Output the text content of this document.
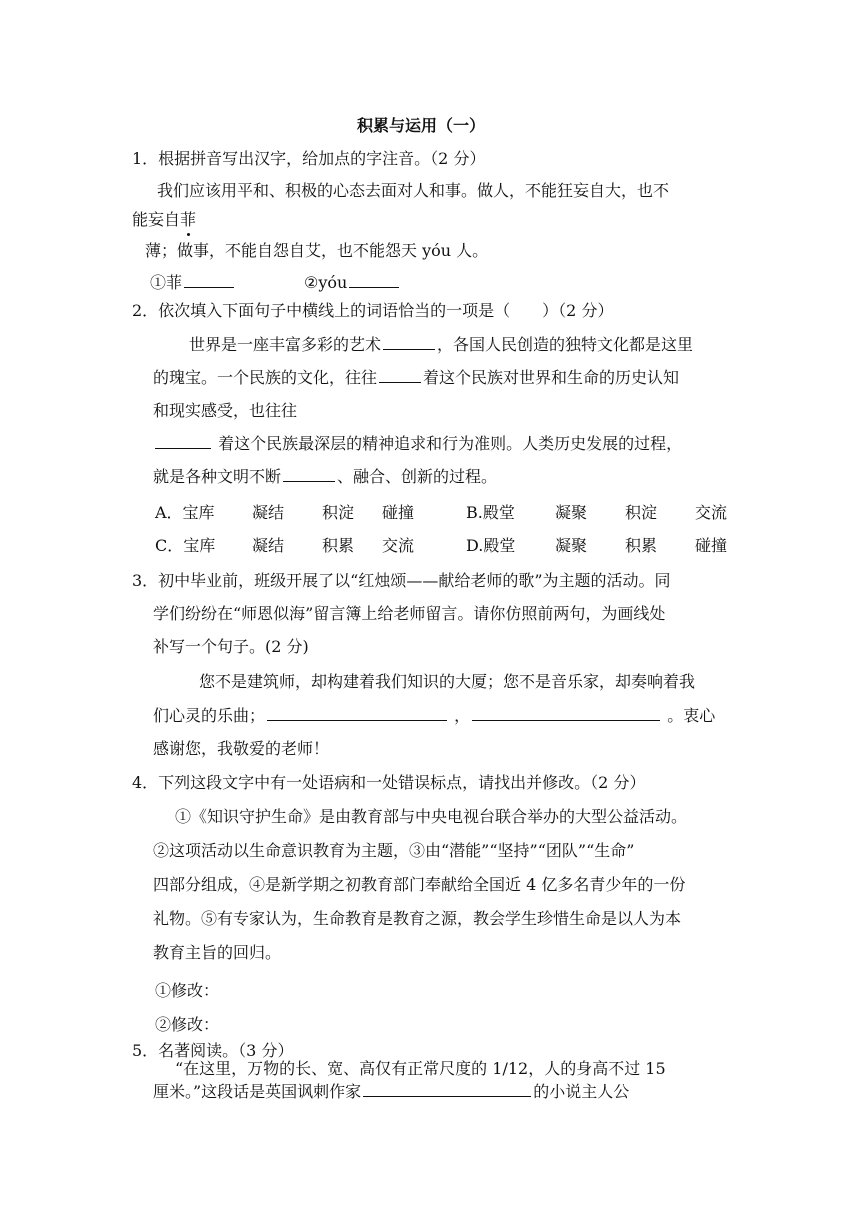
积累与运用（一）
1．根据拼音写出汉字，给加点的字注音。（2 分）
我们应该用平和、积极的心态去面对人和事。做人，不能狂妄自大，也不
能妄自菲
薄；做事，不能自怨自艾，也不能怨天 yóu 人。
①菲	②yóu
2．依次填入下面句子中横线上的词语恰当的一项是（　　）（2 分）
世界是一座丰富多彩的艺术	，各国人民创造的独特文化都是这里
的瑰宝。一个民族的文化，往往	着这个民族对世界和生命的历史认知
和现实感受，也往往
着这个民族最深层的精神追求和行为准则。人类历史发展的过程，
就是各种文明不断	、融合、创新的过程。
A．宝库 凝结 积淀 碰撞	B.殿堂	凝聚 积淀 交流
C．宝库 凝结 积累 交流	D.殿堂 凝聚 积累 碰撞
3．初中毕业前，班级开展了以“红烛颂——献给老师的歌”为主题的活动。同
学们纷纷在“师恩似海”留言簿上给老师留言。请你仿照前两句，为画线处
补写一个句子。(2 分)
您不是建筑师，却构建着我们知识的大厦；您不是音乐家，却奏响着我
们心灵的乐曲；	，	。衷心
感谢您，我敬爱的老师！
4．下列这段文字中有一处语病和一处错误标点，请找出并修改。（2 分）
①《知识守护生命》是由教育部与中央电视台联合举办的大型公益活动。
②这项活动以生命意识教育为主题，③由“潜能”“坚持”“团队”“生命”
四部分组成，④是新学期之初教育部门奉献给全国近 4 亿多名青少年的一份
礼物。⑤有专家认为，生命教育是教育之源，教会学生珍惜生命是以人为本
教育主旨的回归。
①修改：
②修改：
5．名著阅读。（3 分）
“在这里，万物的长、宽、高仅有正常尺度的 1/12，人的身高不过 15
厘米。”这段话是英国讽刺作家	的小说主人公
